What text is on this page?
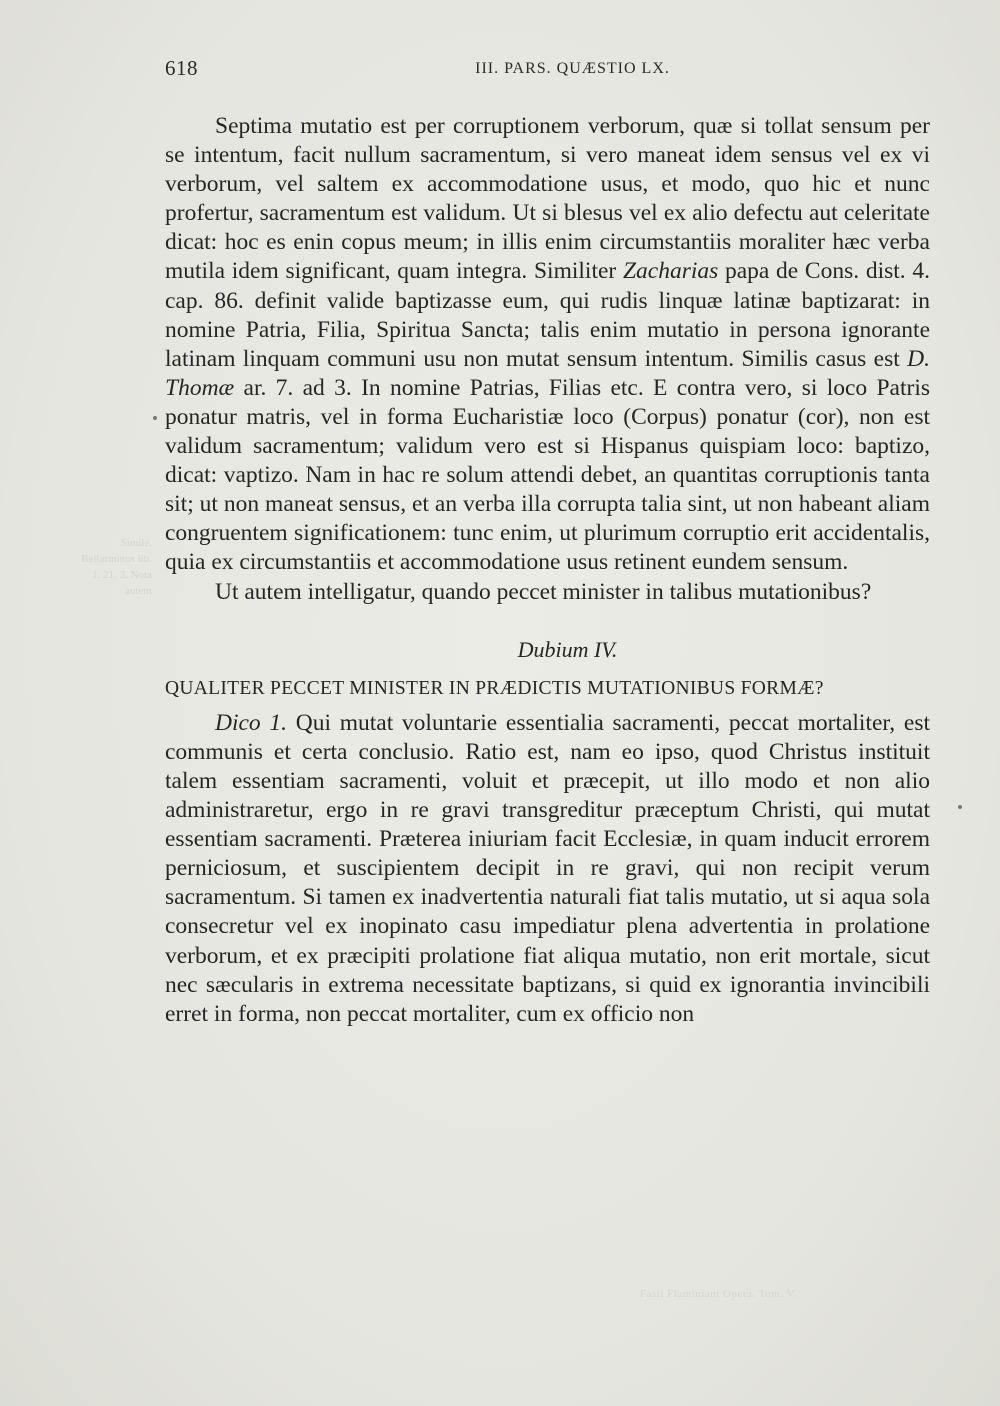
618	III. PARS. QUÆSTIO LX.
Simile. Bellarminus lib. 1. 21. 3. Nota autem

Septima mutatio est per corruptionem verborum, quæ si tollat sensum per se intentum, facit nullum sacramentum, si vero maneat idem sensus vel ex vi verborum, vel saltem ex accommodatione usus, et modo, quo hic et nunc profertur, sacramentum est validum. Ut si blesus vel ex alio defectu aut celeritate dicat: hoc es enin copus meum; in illis enim circumstantiis moraliter hæc verba mutila idem significant, quam integra. Similiter Zacharias papa de Cons. dist. 4. cap. 86. definit valide baptizasse eum, qui rudis linquæ latinæ baptizarat: in nomine Patria, Filia, Spiritua Sancta; talis enim mutatio in persona ignorante latinam linquam communi usu non mutat sensum intentum. Similis casus est D. Thomæ ar. 7. ad 3. In nomine Patrias, Filias etc. E contra vero, si loco Patris ponatur matris, vel in forma Eucharistiæ loco (Corpus) ponatur (cor), non est validum sacramentum; validum vero est si Hispanus quispiam loco: baptizo, dicat: vaptizo. Nam in hac re solum attendi debet, an quantitas corruptionis tanta sit; ut non maneat sensus, et an verba illa corrupta talia sint, ut non habeant aliam congruentem significationem: tunc enim, ut plurimum corruptio erit accidentalis, quia ex circumstantiis et accommodatione usus retinent eundem sensum.

Ut autem intelligatur, quando peccet minister in talibus mutationibus?

Dubium IV.

QUALITER PECCET MINISTER IN PRÆDICTIS MUTATIONIBUS FORMÆ?

Dico 1. Qui mutat voluntarie essentialia sacramenti, peccat mortaliter, est communis et certa conclusio. Ratio est, nam eo ipso, quod Christus instituit talem essentiam sacramenti, voluit et præcepit, ut illo modo et non alio administraretur, ergo in re gravi transgreditur præceptum Christi, qui mutat essentiam sacramenti. Præterea iniuriam facit Ecclesiæ, in quam inducit errorem perniciosum, et suscipientem decipit in re gravi, qui non recipit verum sacramentum. Si tamen ex inadvertentia naturali fiat talis mutatio, ut si aqua sola consecretur vel ex inopinato casu impediatur plena advertentia in prolatione verborum, et ex præcipiti prolatione fiat aliqua mutatio, non erit mortale, sicut nec sæcularis in extrema necessitate baptizans, si quid ex ignorantia invincibili erret in forma, non peccat mortaliter, cum ex officio non

Fasti Flaminiani Opera. Tom. V.
